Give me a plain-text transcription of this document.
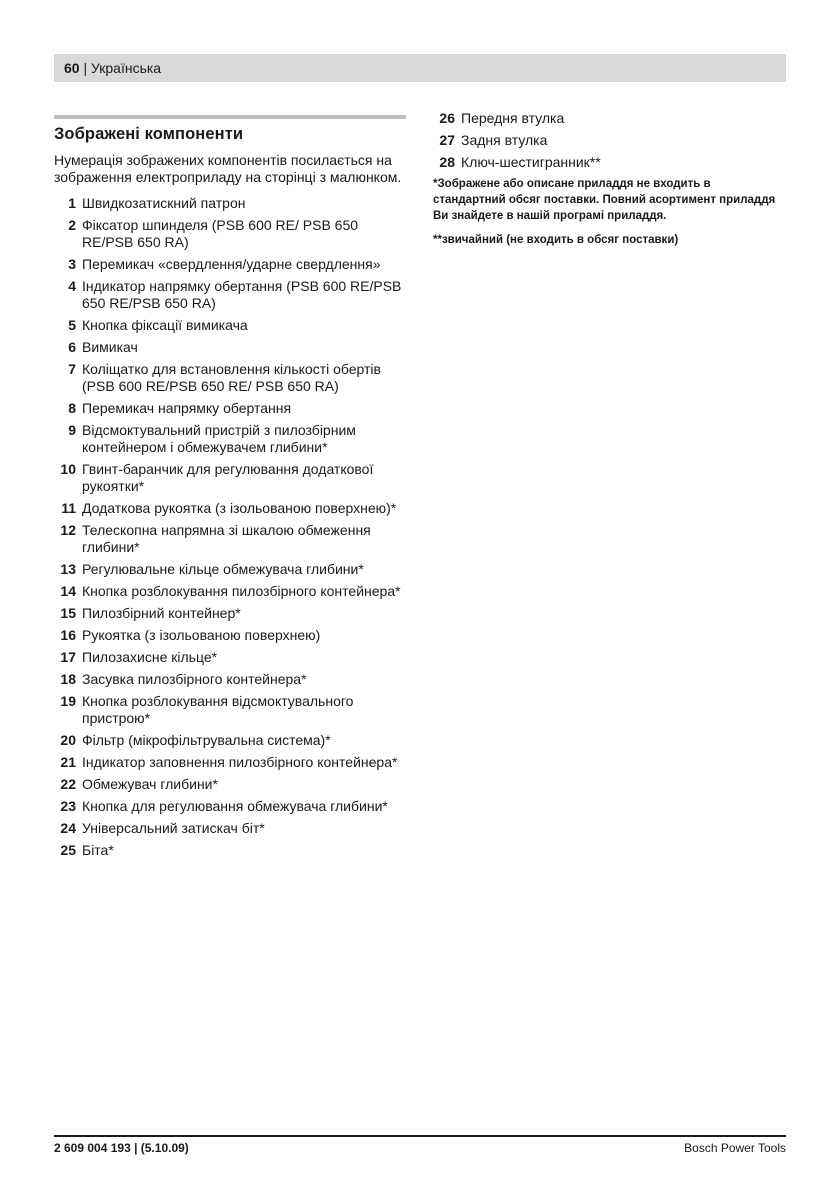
60 | Українська
Зображені компоненти
Нумерація зображених компонентів посилається на зображення електроприладу на сторінці з малюнком.
1 Швидкозатискний патрон
2 Фіксатор шпинделя (PSB 600 RE/ PSB 650 RE/PSB 650 RA)
3 Перемикач «свердлення/ударне свердлення»
4 Індикатор напрямку обертання (PSB 600 RE/PSB 650 RE/PSB 650 RA)
5 Кнопка фіксації вимикача
6 Вимикач
7 Коліщатко для встановлення кількості обертів (PSB 600 RE/PSB 650 RE/ PSB 650 RA)
8 Перемикач напрямку обертання
9 Відсмоктувальний пристрій з пилозбірним контейнером і обмежувачем глибини*
10 Гвинт-баранчик для регулювання додаткової рукоятки*
11 Додаткова рукоятка (з ізольованою поверхнею)*
12 Телескопна напрямна зі шкалою обмеження глибини*
13 Регулювальне кільце обмежувача глибини*
14 Кнопка розблокування пилозбірного контейнера*
15 Пилозбірний контейнер*
16 Рукоятка (з ізольованою поверхнею)
17 Пилозахисне кільце*
18 Засувка пилозбірного контейнера*
19 Кнопка розблокування відсмоктувального пристрою*
20 Фільтр (мікрофільтрувальна система)*
21 Індикатор заповнення пилозбірного контейнера*
22 Обмежувач глибини*
23 Кнопка для регулювання обмежувача глибини*
24 Універсальний затискач біт*
25 Біта*
26 Передня втулка
27 Задня втулка
28 Ключ-шестигранник**
*Зображене або описане приладдя не входить в стандартний обсяг поставки. Повний асортимент приладдя Ви знайдете в нашій програмі приладдя.
**звичайний (не входить в обсяг поставки)
2 609 004 193 | (5.10.09)	Bosch Power Tools
